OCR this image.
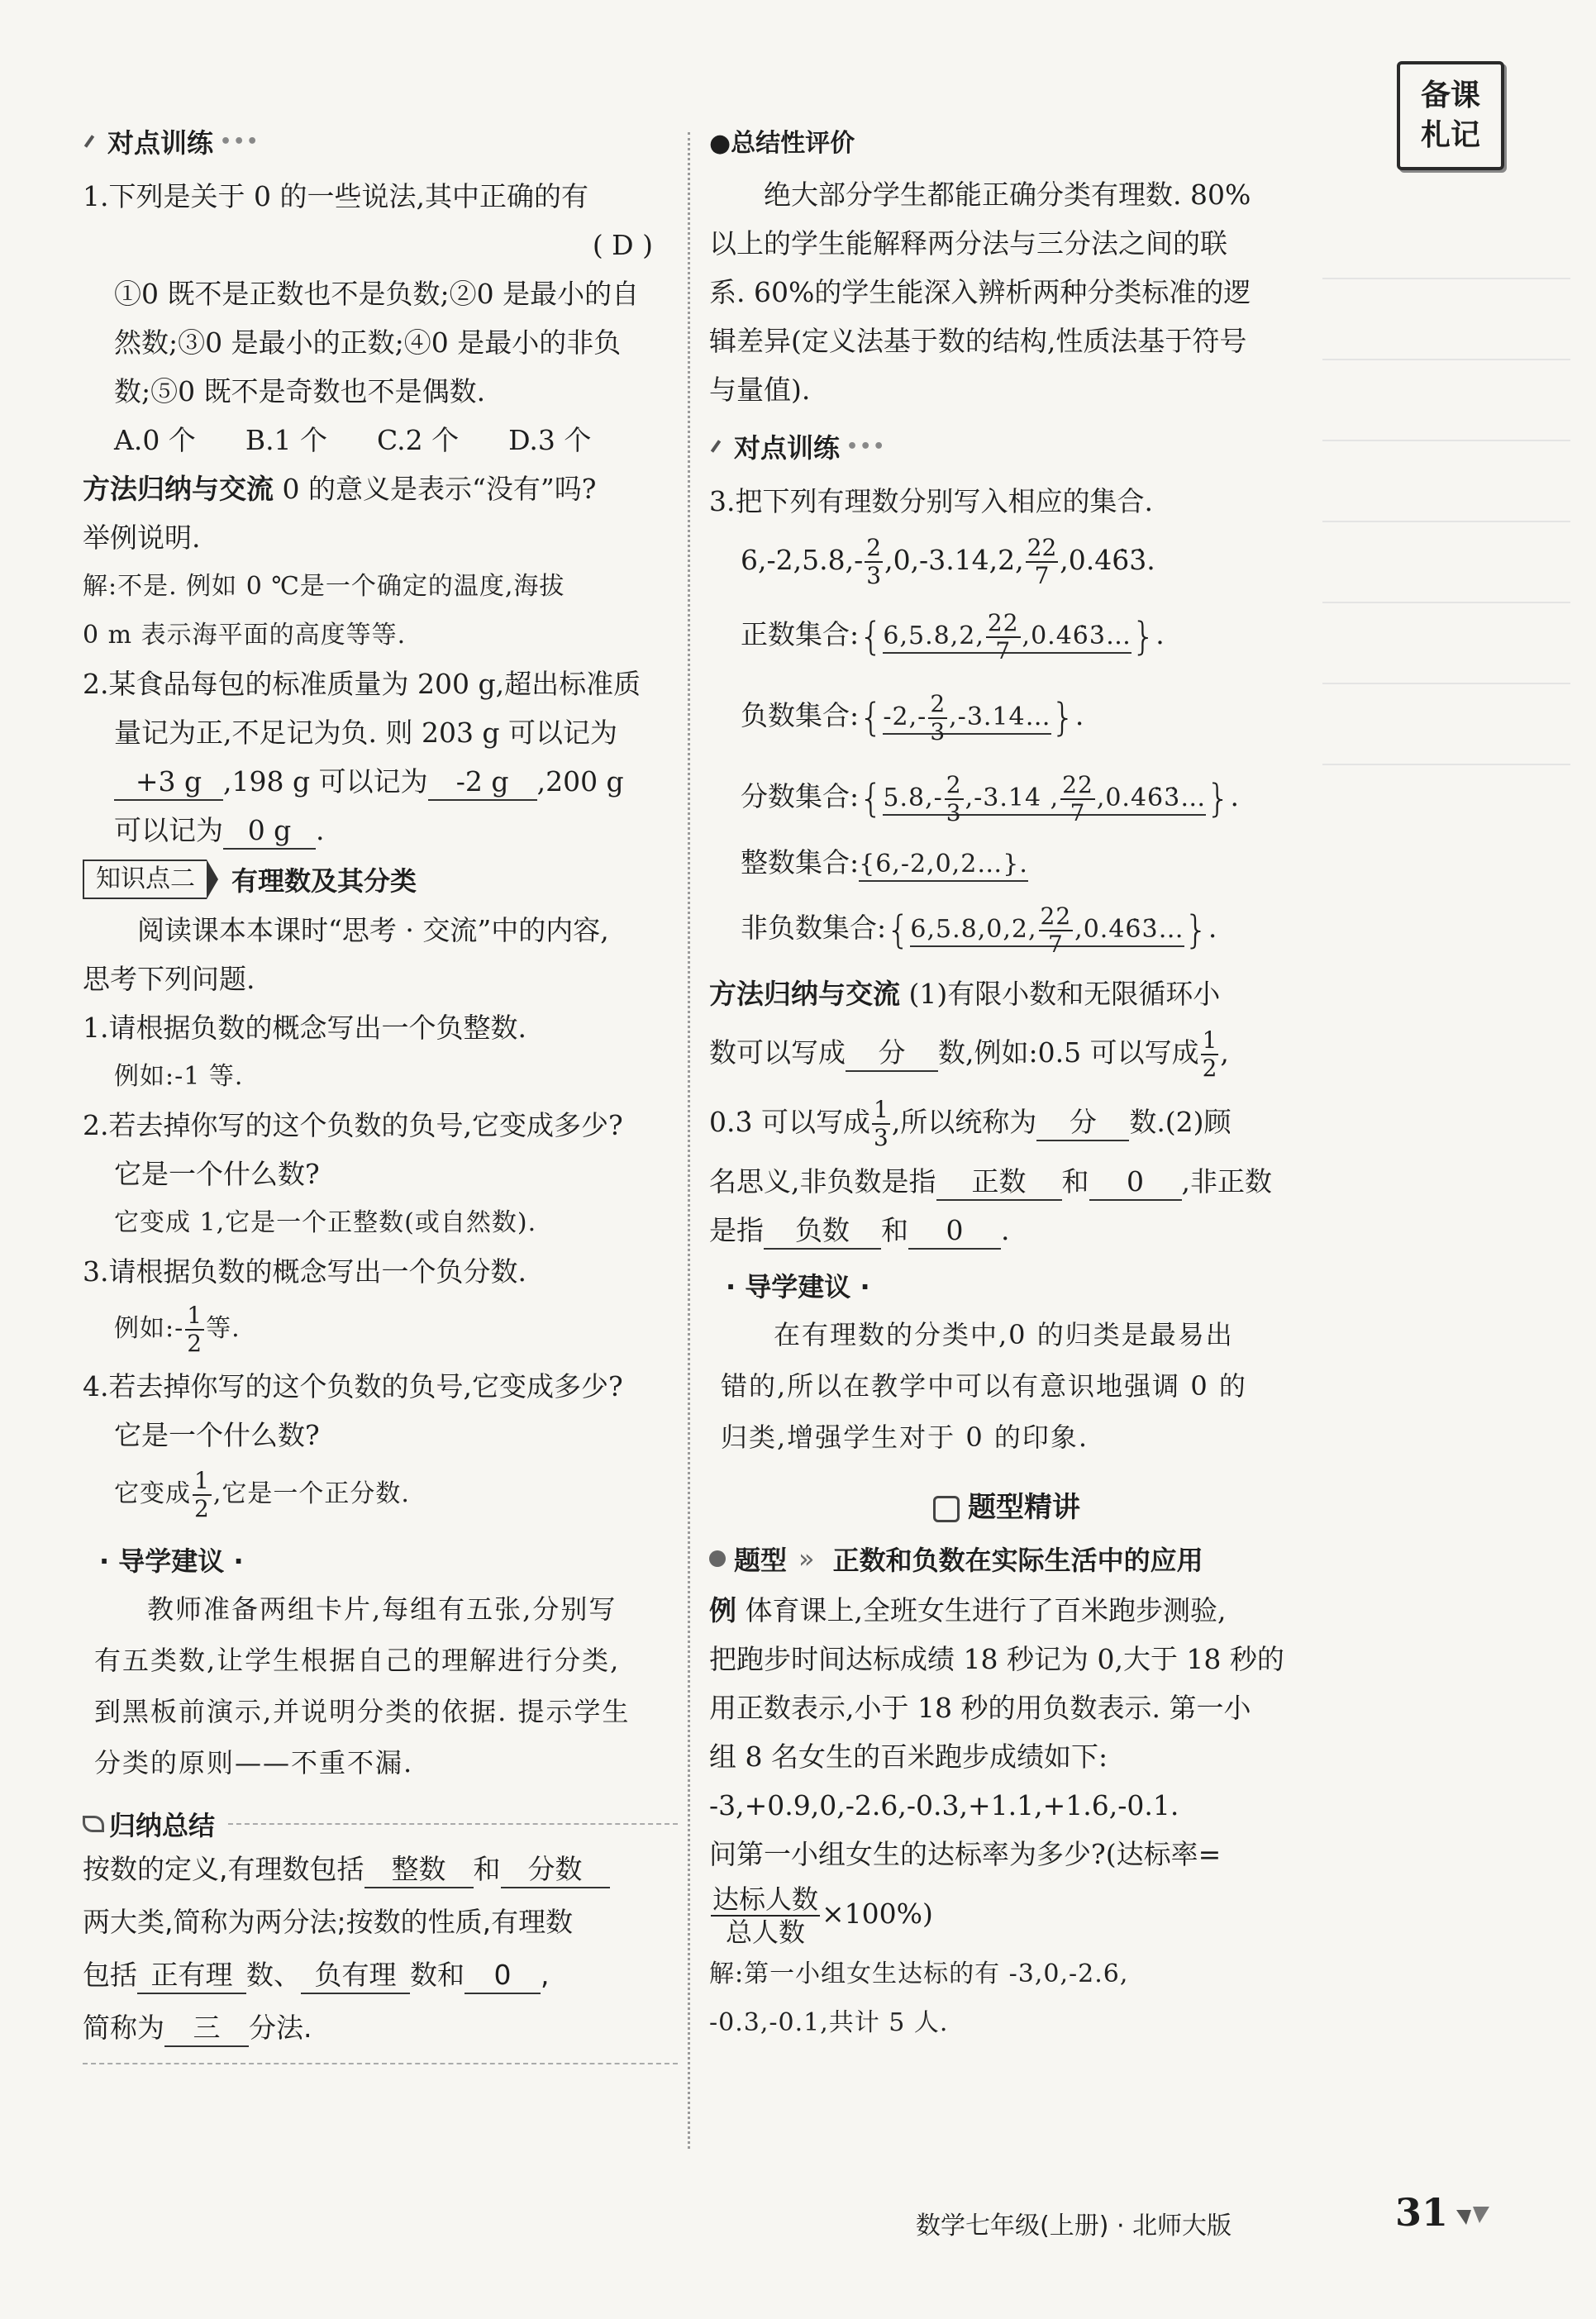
备课
札记
对点训练 •••

1.下列是关于 0 的一些说法,其中正确的有

( D )

①0 既不是正数也不是负数;②0 是最小的自

然数;③0 是最小的正数;④0 是最小的非负

数;⑤0 既不是奇数也不是偶数.

A.0 个 B.1 个 C.2 个 D.3 个

方法归纳与交流 0 的意义是表示“没有”吗?

举例说明.

解:不是. 例如 0 ℃是一个确定的温度,海拔

0 m 表示海平面的高度等等.

2.某食品每包的标准质量为 200 g,超出标准质

量记为正,不足记为负. 则 203 g 可以记为

+3 g ,198 g 可以记为 -2 g ,200 g

可以记为 0 g .

知识点二	有理数及其分类

阅读课本本课时“思考 · 交流”中的内容,

思考下列问题.

1.请根据负数的概念写出一个负整数.

例如:-1 等.

2.若去掉你写的这个负数的负号,它变成多少?

它是一个什么数?

它变成 1,它是一个正整数(或自然数).

3.请根据负数的概念写出一个负分数.

例如:- $\frac{1}{2}$ 等.

4.若去掉你写的这个负数的负号,它变成多少?

它是一个什么数?

它变成 $\frac{1}{2}$ ,它是一个正分数.

· 导学建议 ·

教师准备两组卡片,每组有五张,分别写

有五类数,让学生根据自己的理解进行分类,

到黑板前演示,并说明分类的依据. 提示学生

分类的原则——不重不漏.

归纳总结

按数的定义,有理数包括 整数 和 分数

两大类,简称为两分法;按数的性质,有理数

包括 正有理 数、 负有理 数和 0 ,

简称为 三 分法.

●总结性评价

绝大部分学生都能正确分类有理数. 80%

以上的学生能解释两分法与三分法之间的联

系. 60%的学生能深入辨析两种分类标准的逻

辑差异(定义法基于数的结构,性质法基于符号

与量值).

对点训练 •••

3.把下列有理数分别写入相应的集合.

$6,-2,5.8,- \frac{2}{3} ,0,-3.14,2$, $\frac{22}{7}$ ,0.46̇3̇.

正数集合:{6,5.8,2, $\frac{22}{7}$ ,0.46̇3̇…}.

负数集合:{-2,- $\frac{2}{3}$ ,-3.14…}.

分数集合:{5.8,- $\frac{2}{3} ,-3.14$ , $\frac{22}{7}$ ,0.46̇3̇…}.

整数集合:{6,-2,0,2…}.

非负数集合:{6,5.8,0,2, $\frac{22}{7}$ ,0.46̇3̇…}.

方法归纳与交流 (1)有限小数和无限循环小

数可以写成 分 数,例如:0.5 可以写成 $\frac{1}{2}$ ,

0.3̇ 可以写成 $\frac{1}{3}$ ,所以统称为 分 数.(2)顾

名思义,非负数是指 正数 和 0 ,非正数

是指 负数 和 0 .

· 导学建议 ·

在有理数的分类中,0 的归类是最易出

错的,所以在教学中可以有意识地强调 0 的

归类,增强学生对于 0 的印象.

题型精讲
题型 » 正数和负数在实际生活中的应用

例 体育课上,全班女生进行了百米跑步测验,

把跑步时间达标成绩 18 秒记为 0,大于 18 秒的

用正数表示,小于 18 秒的用负数表示. 第一小

组 8 名女生的百米跑步成绩如下:

-3,+0.9,0,-2.6,-0.3,+1.1,+1.6,-0.1.

问第一小组女生的达标率为多少?(达标率=

$\frac{\text{达标人数}}{\text{总人数}} \times 100\%$)

解:第一小组女生达标的有 -3,0,-2.6,

-0.3,-0.1,共计 5 人.

数学七年级(上册) · 北师大版	31
